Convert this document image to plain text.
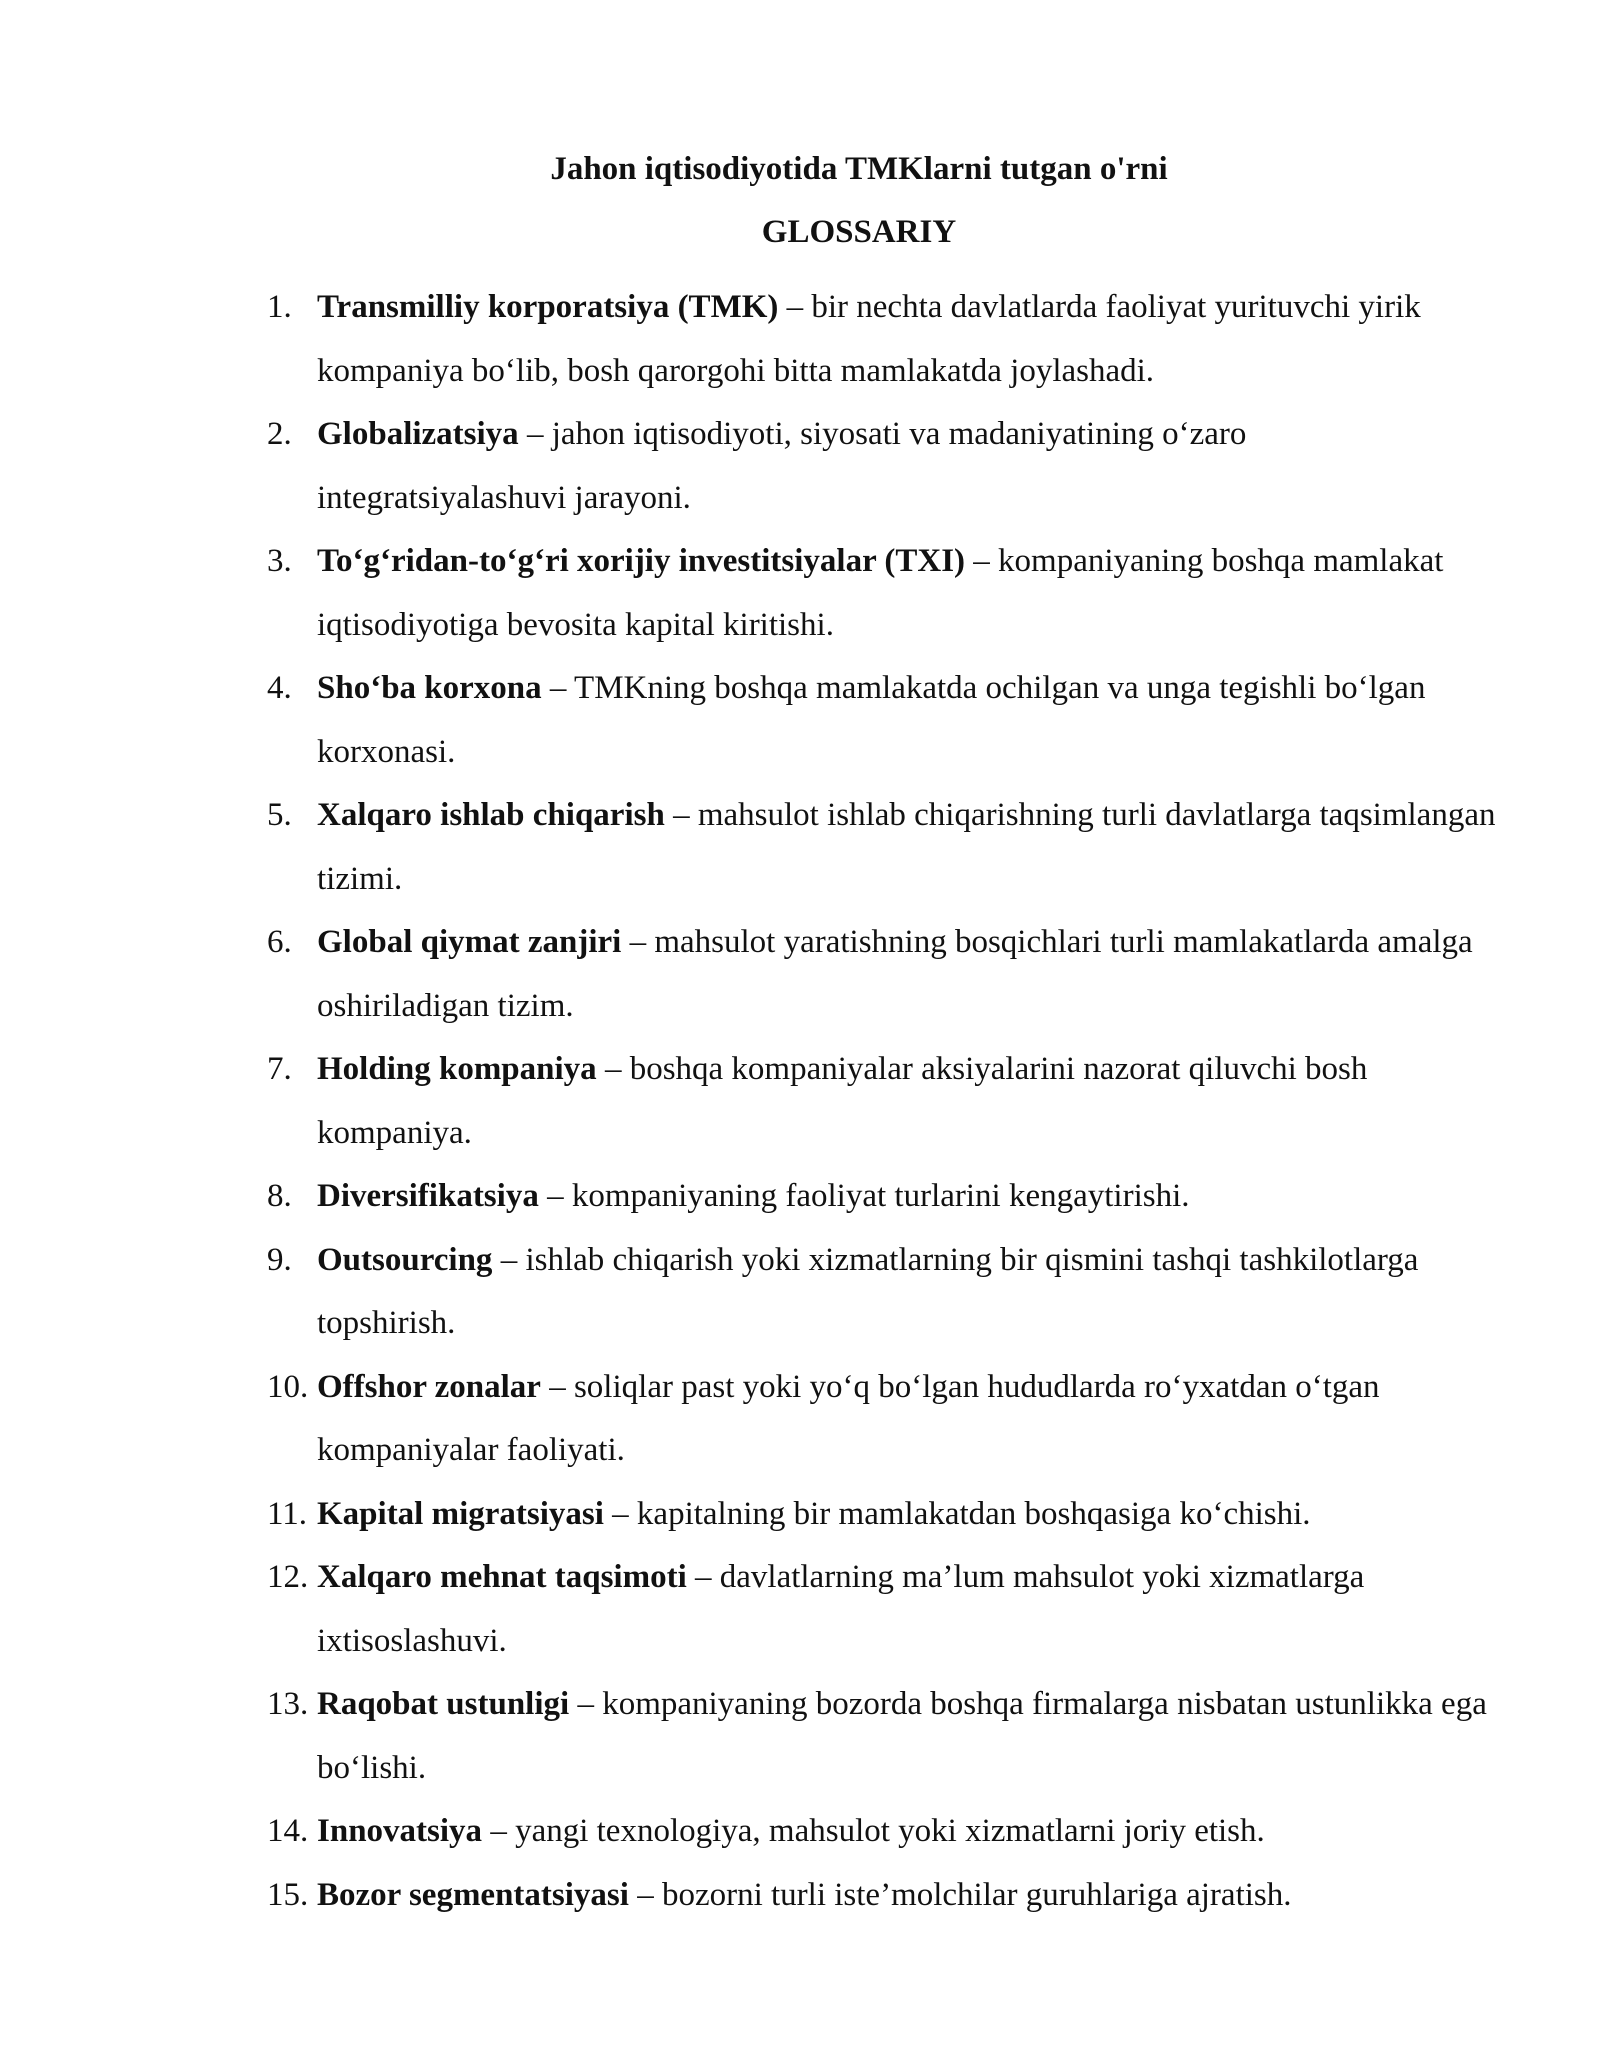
Jahon iqtisodiyotida TMKlarni tutgan o'rni
GLOSSARIY
1. Transmilliy korporatsiya (TMK) – bir nechta davlatlarda faoliyat yurituvchi yirik kompaniya bo‘lib, bosh qarorgohi bitta mamlakatda joylashadi.
2. Globalizatsiya – jahon iqtisodiyoti, siyosati va madaniyatining o‘zaro integratsiyalashuvi jarayoni.
3. To‘g‘ridan-to‘g‘ri xorijiy investitsiyalar (TXI) – kompaniyaning boshqa mamlakat iqtisodiyotiga bevosita kapital kiritishi.
4. Sho‘ba korxona – TMKning boshqa mamlakatda ochilgan va unga tegishli bo‘lgan korxonasi.
5. Xalqaro ishlab chiqarish – mahsulot ishlab chiqarishning turli davlatlarga taqsimlangan tizimi.
6. Global qiymat zanjiri – mahsulot yaratishning bosqichlari turli mamlakatlarda amalga oshiriladigan tizim.
7. Holding kompaniya – boshqa kompaniyalar aksiyalarini nazorat qiluvchi bosh kompaniya.
8. Diversifikatsiya – kompaniyaning faoliyat turlarini kengaytirishi.
9. Outsourcing – ishlab chiqarish yoki xizmatlarning bir qismini tashqi tashkilotlarga topshirish.
10. Offshor zonalar – soliqlar past yoki yo‘q bo‘lgan hududlarda ro‘yxatdan o‘tgan kompaniyalar faoliyati.
11. Kapital migratsiyasi – kapitalning bir mamlakatdan boshqasiga ko‘chishi.
12. Xalqaro mehnat taqsimoti – davlatlarning ma’lum mahsulot yoki xizmatlarga ixtisoslashuvi.
13. Raqobat ustunligi – kompaniyaning bozorda boshqa firmalarga nisbatan ustunlikka ega bo‘lishi.
14. Innovatsiya – yangi texnologiya, mahsulot yoki xizmatlarni joriy etish.
15. Bozor segmentatsiyasi – bozorni turli iste’molchilar guruhlariga ajratish.
